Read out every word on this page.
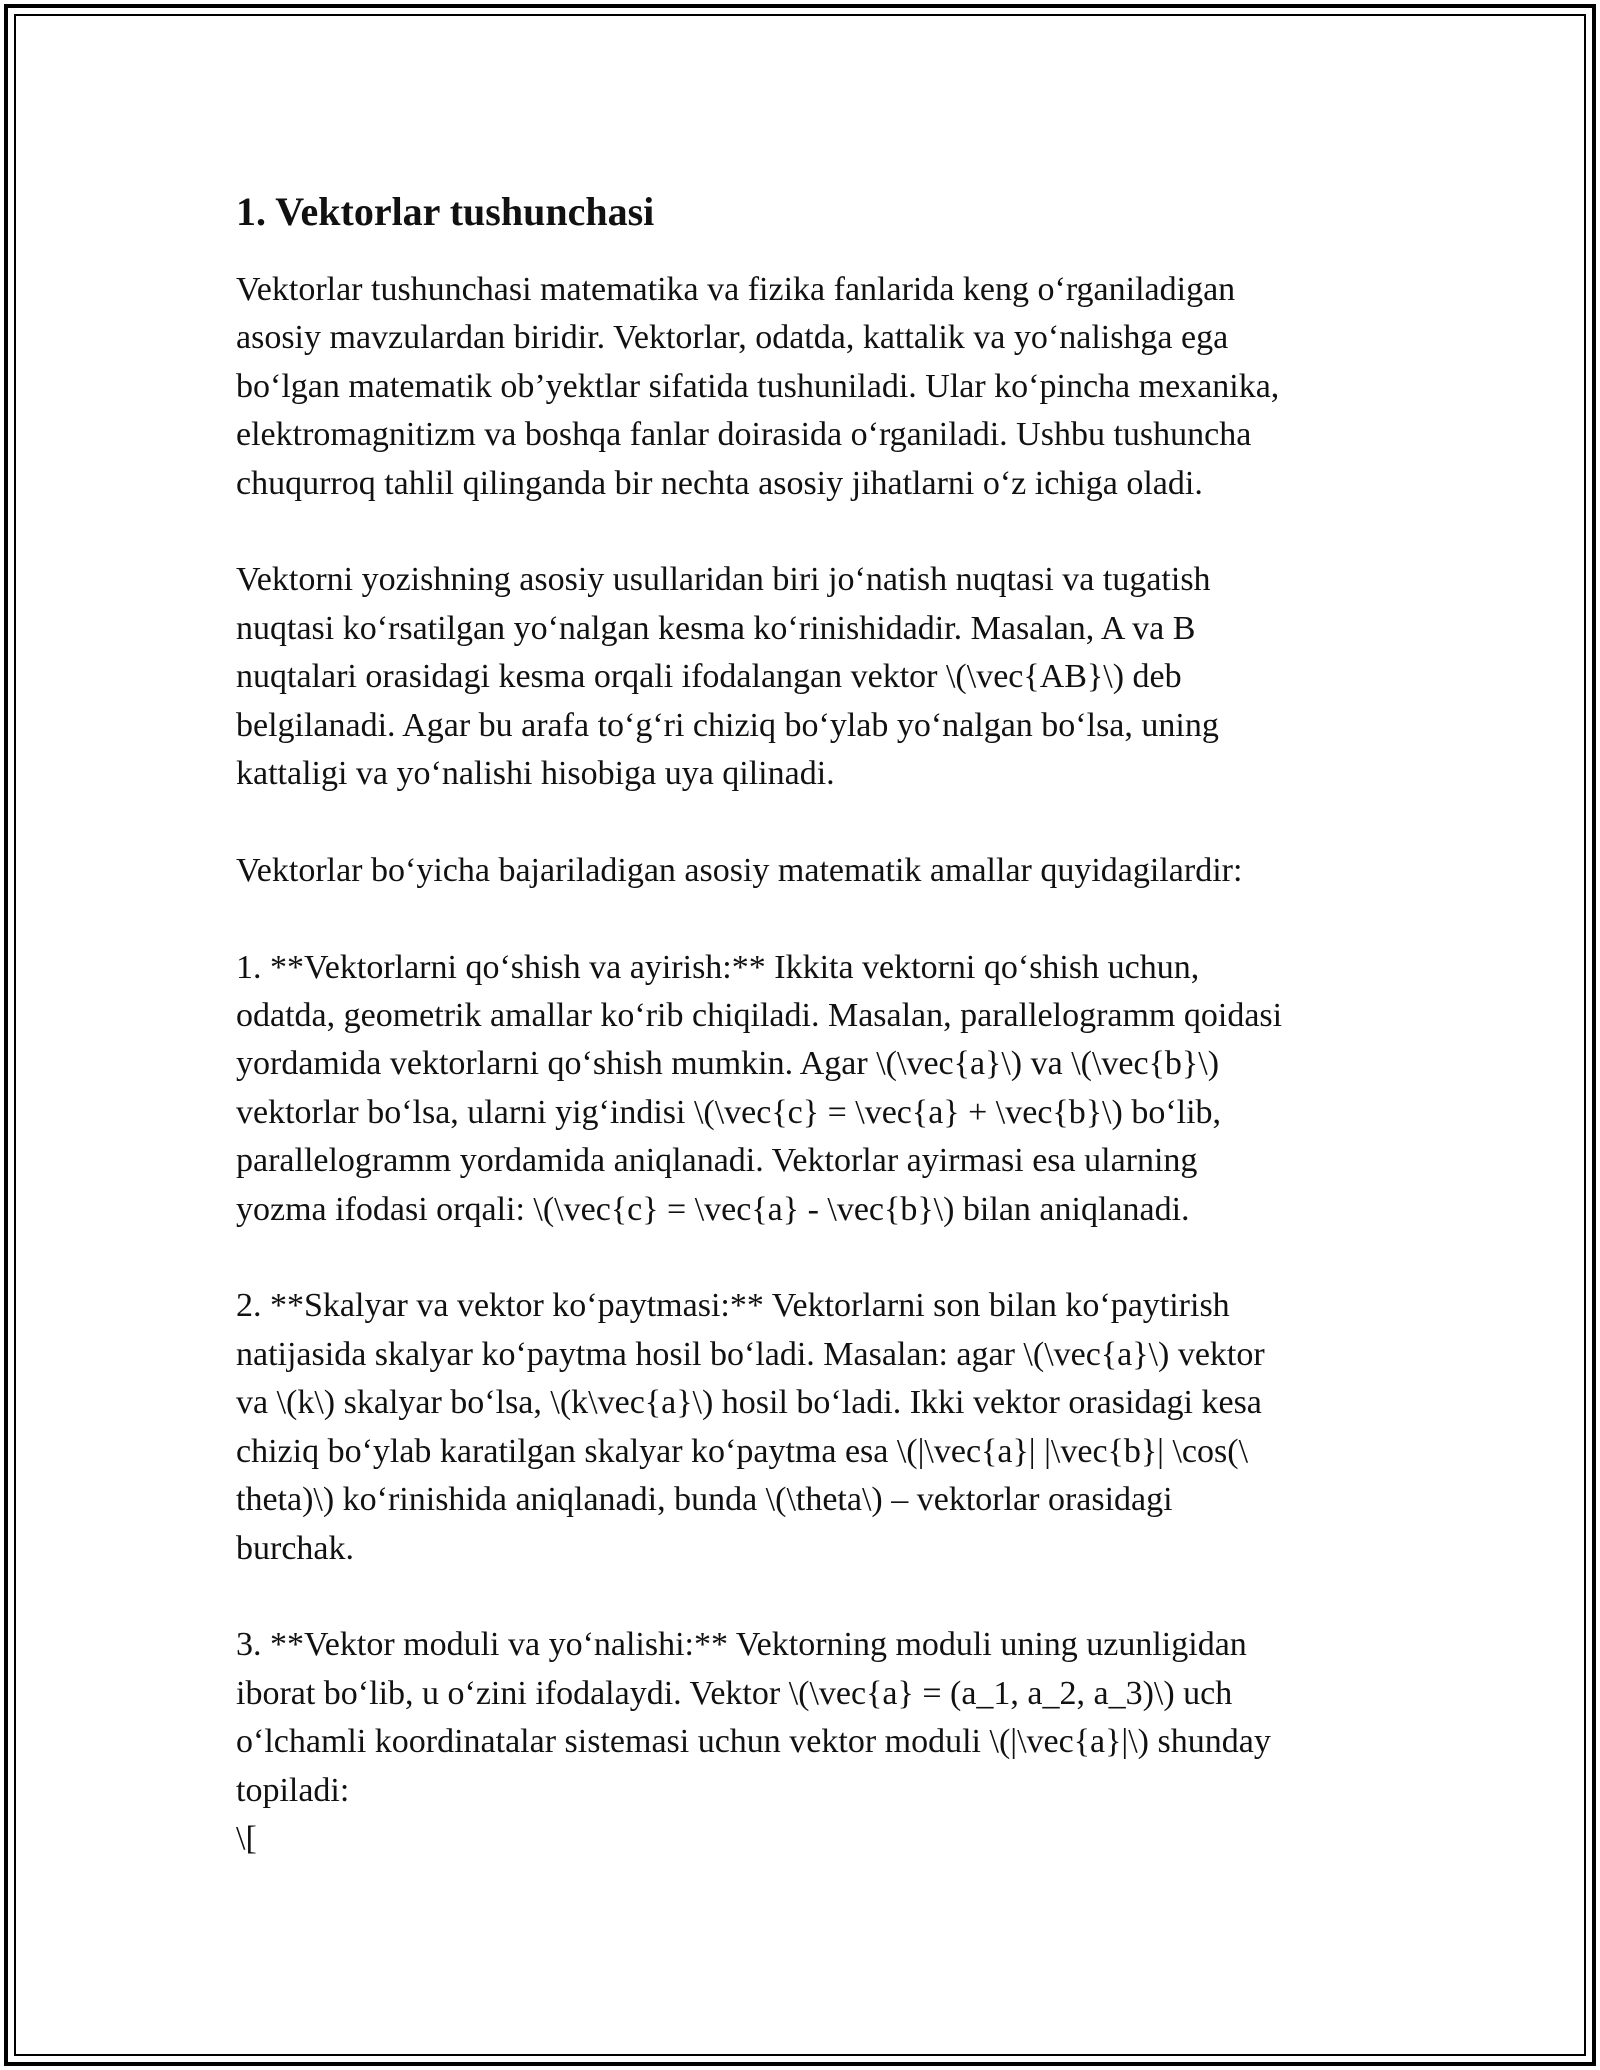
1. Vektorlar tushunchasi

Vektorlar tushunchasi matematika va fizika fanlarida keng o‘rganiladigan
asosiy mavzulardan biridir. Vektorlar, odatda, kattalik va yo‘nalishga ega
bo‘lgan matematik ob’yektlar sifatida tushuniladi. Ular ko‘pincha mexanika,
elektromagnitizm va boshqa fanlar doirasida o‘rganiladi. Ushbu tushuncha
chuqurroq tahlil qilinganda bir nechta asosiy jihatlarni o‘z ichiga oladi.

Vektorni yozishning asosiy usullaridan biri jo‘natish nuqtasi va tugatish
nuqtasi ko‘rsatilgan yo‘nalgan kesma ko‘rinishidadir. Masalan, A va B
nuqtalari orasidagi kesma orqali ifodalangan vektor \(\vec{AB}\) deb
belgilanadi. Agar bu arafa to‘g‘ri chiziq bo‘ylab yo‘nalgan bo‘lsa, uning
kattaligi va yo‘nalishi hisobiga uya qilinadi.

Vektorlar bo‘yicha bajariladigan asosiy matematik amallar quyidagilardir:

1. **Vektorlarni qo‘shish va ayirish:** Ikkita vektorni qo‘shish uchun,
odatda, geometrik amallar ko‘rib chiqiladi. Masalan, parallelogramm qoidasi
yordamida vektorlarni qo‘shish mumkin. Agar \(\vec{a}\) va \(\vec{b}\)
vektorlar bo‘lsa, ularni yig‘indisi \(\vec{c} = \vec{a} + \vec{b}\) bo‘lib,
parallelogramm yordamida aniqlanadi. Vektorlar ayirmasi esa ularning
yozma ifodasi orqali: \(\vec{c} = \vec{a} - \vec{b}\) bilan aniqlanadi.

2. **Skalyar va vektor ko‘paytmasi:** Vektorlarni son bilan ko‘paytirish
natijasida skalyar ko‘paytma hosil bo‘ladi. Masalan: agar \(\vec{a}\) vektor
va \(k\) skalyar bo‘lsa, \(k\vec{a}\) hosil bo‘ladi. Ikki vektor orasidagi kesa
chiziq bo‘ylab karatilgan skalyar ko‘paytma esa \(|\vec{a}| |\vec{b}| \cos(\
theta)\) ko‘rinishida aniqlanadi, bunda \(\theta\) – vektorlar orasidagi
burchak.

3. **Vektor moduli va yo‘nalishi:** Vektorning moduli uning uzunligidan
iborat bo‘lib, u o‘zini ifodalaydi. Vektor \(\vec{a} = (a_1, a_2, a_3)\) uch
o‘lchamli koordinatalar sistemasi uchun vektor moduli \(|\vec{a}|\) shunday
topiladi:
\[
